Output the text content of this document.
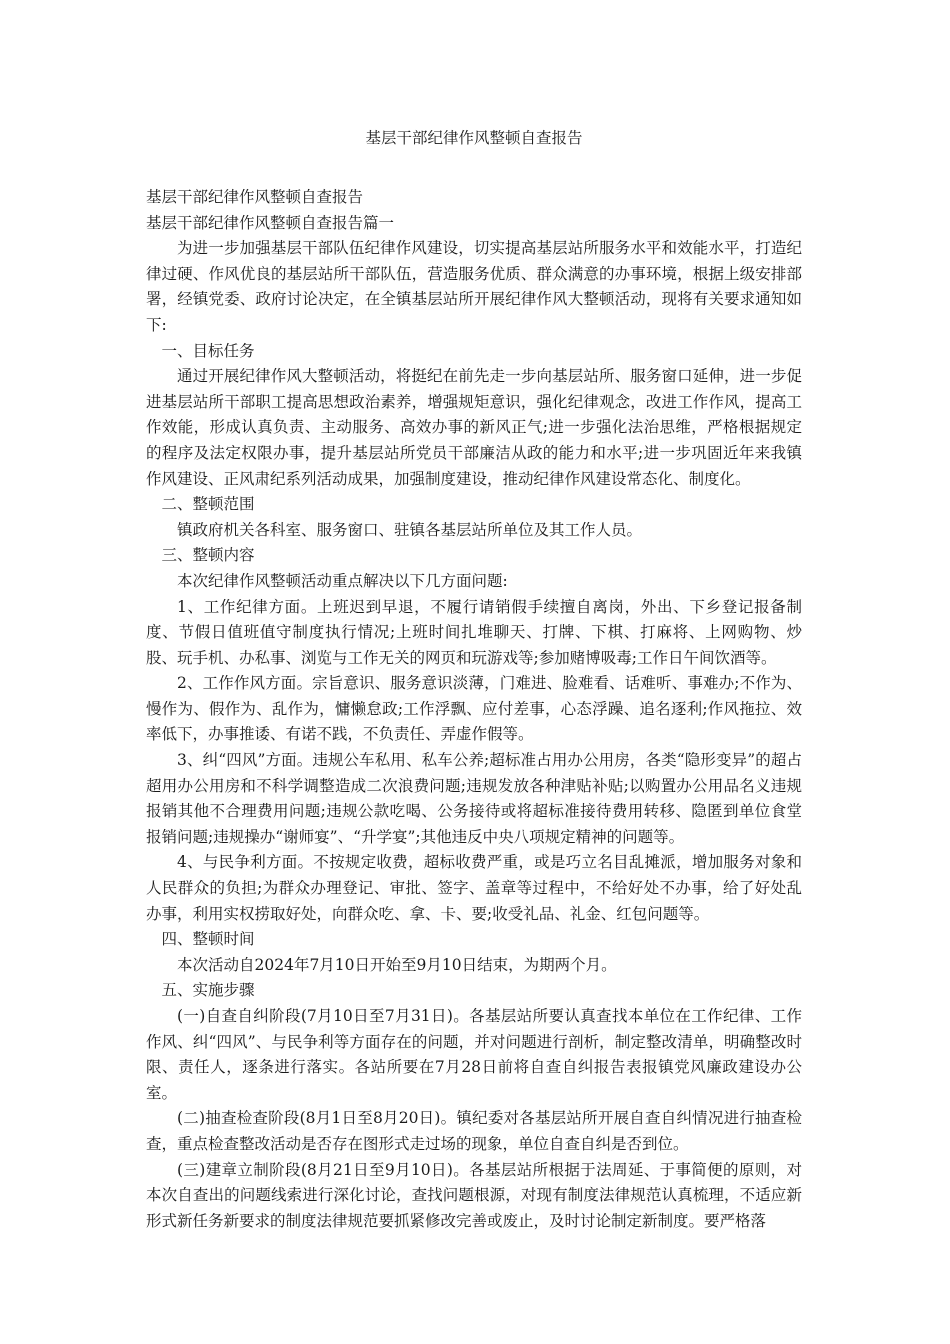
基层干部纪律作风整顿自查报告

基层干部纪律作风整顿自查报告

基层干部纪律作风整顿自查报告篇一

为进一步加强基层干部队伍纪律作风建设，切实提高基层站所服务水平和效能水平，打造纪律过硬、作风优良的基层站所干部队伍，营造服务优质、群众满意的办事环境，根据上级安排部署，经镇党委、政府讨论决定，在全镇基层站所开展纪律作风大整顿活动，现将有关要求通知如下:

一、目标任务

通过开展纪律作风大整顿活动，将挺纪在前先走一步向基层站所、服务窗口延伸，进一步促进基层站所干部职工提高思想政治素养，增强规矩意识，强化纪律观念，改进工作作风，提高工作效能，形成认真负责、主动服务、高效办事的新风正气;进一步强化法治思维，严格根据规定的程序及法定权限办事，提升基层站所党员干部廉洁从政的能力和水平;进一步巩固近年来我镇作风建设、正风肃纪系列活动成果，加强制度建设，推动纪律作风建设常态化、制度化。

二、整顿范围

镇政府机关各科室、服务窗口、驻镇各基层站所单位及其工作人员。

三、整顿内容

本次纪律作风整顿活动重点解决以下几方面问题:

1、工作纪律方面。上班迟到早退，不履行请销假手续擅自离岗，外出、下乡登记报备制度、节假日值班值守制度执行情况;上班时间扎堆聊天、打牌、下棋、打麻将、上网购物、炒股、玩手机、办私事、浏览与工作无关的网页和玩游戏等;参加赌博吸毒;工作日午间饮酒等。

2、工作作风方面。宗旨意识、服务意识淡薄，门难进、脸难看、话难听、事难办;不作为、慢作为、假作为、乱作为，慵懒怠政;工作浮飘、应付差事，心态浮躁、追名逐利;作风拖拉、效率低下，办事推诿、有诺不践，不负责任、弄虚作假等。

3、纠“四风”方面。违规公车私用、私车公养;超标准占用办公用房，各类“隐形变异”的超占超用办公用房和不科学调整造成二次浪费问题;违规发放各种津贴补贴;以购置办公用品名义违规报销其他不合理费用问题;违规公款吃喝、公务接待或将超标准接待费用转移、隐匿到单位食堂报销问题;违规操办“谢师宴”、“升学宴”;其他违反中央八项规定精神的问题等。

4、与民争利方面。不按规定收费，超标收费严重，或是巧立名目乱摊派，增加服务对象和人民群众的负担;为群众办理登记、审批、签字、盖章等过程中，不给好处不办事，给了好处乱办事，利用实权捞取好处，向群众吃、拿、卡、要;收受礼品、礼金、红包问题等。

四、整顿时间

本次活动自2024年7月10日开始至9月10日结束，为期两个月。

五、实施步骤

(一)自查自纠阶段(7月10日至7月31日)。各基层站所要认真查找本单位在工作纪律、工作作风、纠“四风”、与民争利等方面存在的问题，并对问题进行剖析，制定整改清单，明确整改时限、责任人，逐条进行落实。各站所要在7月28日前将自查自纠报告表报镇党风廉政建设办公室。

(二)抽查检查阶段(8月1日至8月20日)。镇纪委对各基层站所开展自查自纠情况进行抽查检查，重点检查整改活动是否存在图形式走过场的现象，单位自查自纠是否到位。

(三)建章立制阶段(8月21日至9月10日)。各基层站所根据于法周延、于事简便的原则，对本次自查出的问题线索进行深化讨论，查找问题根源，对现有制度法律规范认真梳理，不适应新形式新任务新要求的制度法律规范要抓紧修改完善或废止，及时讨论制定新制度。要严格落
